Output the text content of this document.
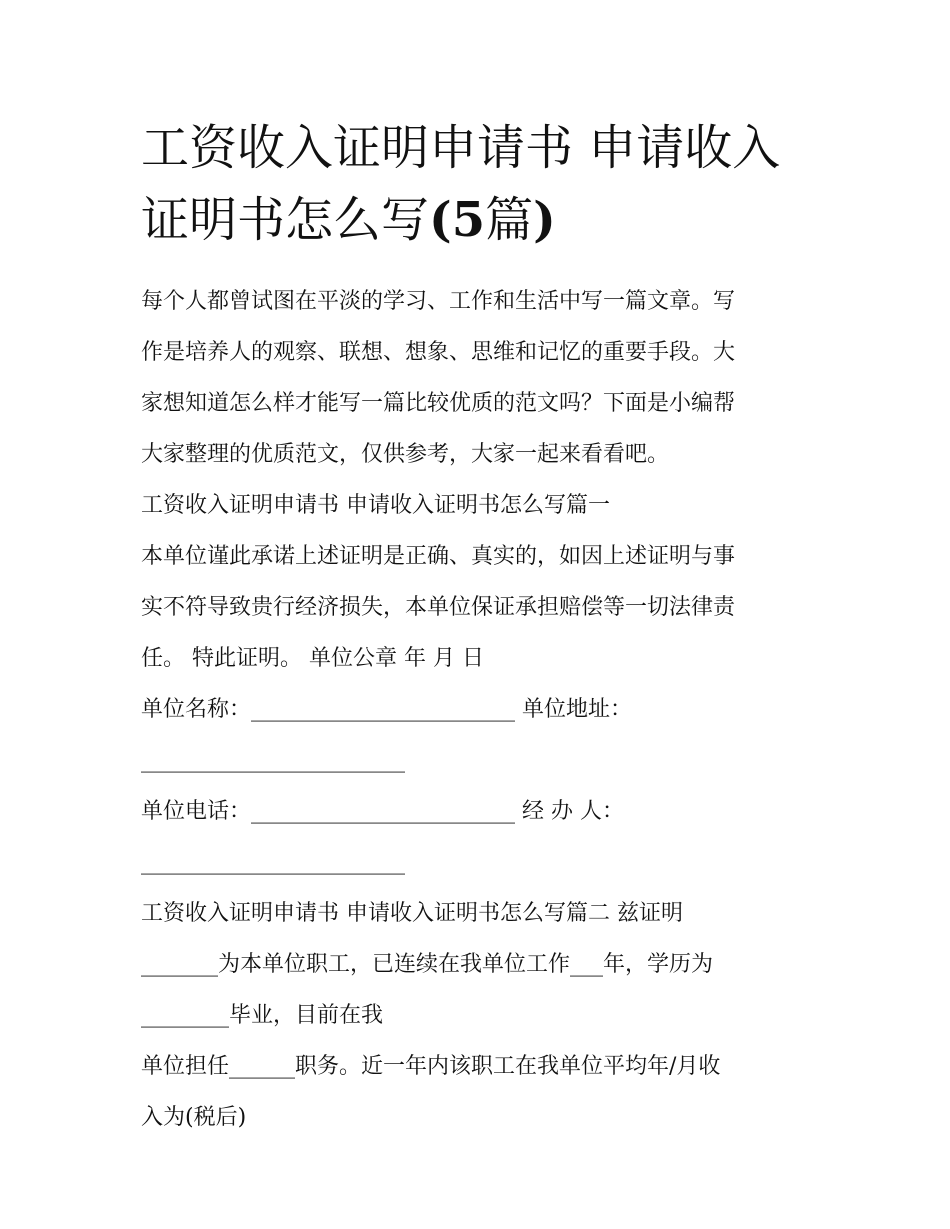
工资收入证明申请书 申请收入
证明书怎么写(5篇)

每个人都曾试图在平淡的学习、工作和生活中写一篇文章。写
作是培养人的观察、联想、想象、思维和记忆的重要手段。大
家想知道怎么样才能写一篇比较优质的范文吗？下面是小编帮
大家整理的优质范文，仅供参考，大家一起来看看吧。

工资收入证明申请书 申请收入证明书怎么写篇一

本单位谨此承诺上述证明是正确、真实的，如因上述证明与事
实不符导致贵行经济损失，本单位保证承担赔偿等一切法律责
任。 特此证明。 单位公章 年 月 日

单位名称：________________________ 单位地址：
________________________
单位电话：________________________ 经 办 人：
________________________

工资收入证明申请书 申请收入证明书怎么写篇二 兹证明
_______为本单位职工，已连续在我单位工作___年，学历为
________毕业，目前在我

单位担任______职务。近一年内该职工在我单位平均年/月收
入为(税后)
